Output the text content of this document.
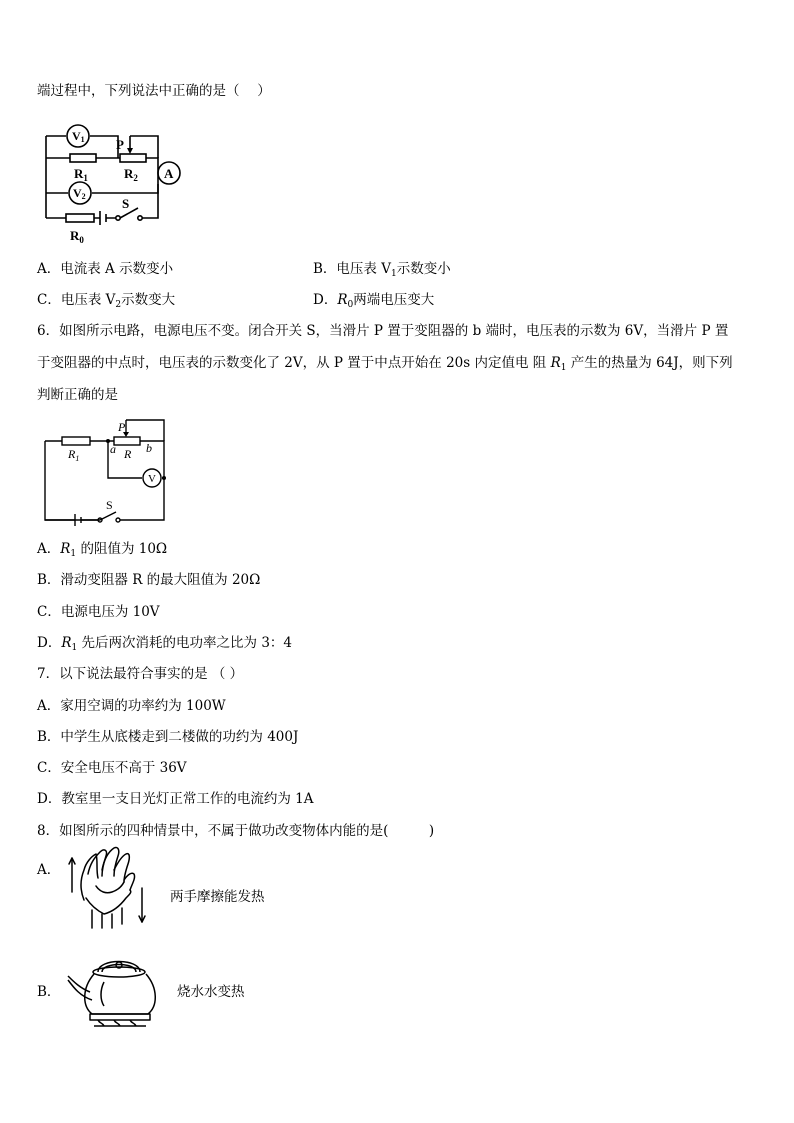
端过程中，下列说法中正确的是（　 ）
V1 P
A
$R_1$	$R_2$
V2	S
$R_0$
A．电流表 A 示数变小	B．电压表 $V_1$示数变小
C．电压表 $V_2$示数变大	D．$R_0$两端电压变大
6．如图所示电路，电源电压不变。闭合开关 S，当滑片 P 置于变阻器的 b 端时，电压表的示数为 6V，当滑片 P 置
于变阻器的中点时，电压表的示数变化了 2V，从 P 置于中点开始在 20s 内定值电 阻 $R_1$ 产生的热量为 64J，则下列
判断正确的是
P
$R_1$
a R b
V
S
A．$R_1$ 的阻值为 10Ω
B．滑动变阻器 R 的最大阻值为 20Ω
C．电源电压为 10V
D．$R_1$ 先后两次消耗的电功率之比为 3：4
7．以下说法最符合事实的是 （ ）
A．家用空调的功率约为 100W
B．中学生从底楼走到二楼做的功约为 400J
C．安全电压不高于 36V
D．教室里一支日光灯正常工作的电流约为 1A
8．如图所示的四种情景中，不属于做功改变物体内能的是(　　　)
A．
两手摩擦能发热
B．	烧水水变热
